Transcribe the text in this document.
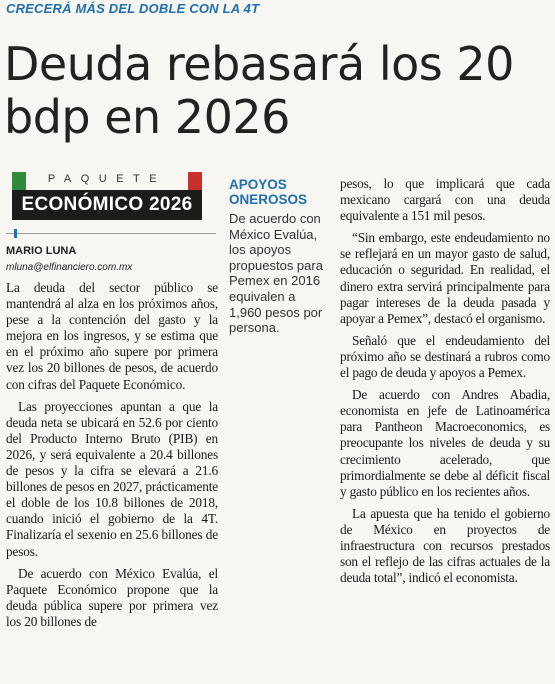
CRECERÁ MÁS DEL DOBLE CON LA 4T
Deuda rebasará los 20 bdp en 2026
PAQUETE
ECONÓMICO 2026
MARIO LUNA
mluna@elfinanciero.com.mx

La deuda del sector público se mantendrá al alza en los próximos años, pese a la contención del gasto y la mejora en los ingresos, y se estima que en el próximo año supere por primera vez los 20 billones de pesos, de acuerdo con cifras del Paquete Económico.

Las proyecciones apuntan a que la deuda neta se ubicará en 52.6 por ciento del Producto Interno Bruto (PIB) en 2026, y será equivalente a 20.4 billones de pesos y la cifra se elevará a 21.6 billones de pesos en 2027, prácticamente el doble de los 10.8 billones de 2018, cuando inició el gobierno de la 4T. Finalizaría el sexenio en 25.6 billones de pesos.

De acuerdo con México Evalúa, el Paquete Económico propone que la deuda pública supere por primera vez los 20 billones de

APOYOS ONEROSOS
De acuerdo con México Evalúa, los apoyos propuestos para Pemex en 2016 equivalen a 1,960 pesos por persona.

pesos, lo que implicará que cada mexicano cargará con una deuda equivalente a 151 mil pesos.

“Sin embargo, este endeudamiento no se reflejará en un mayor gasto de salud, educación o seguridad. En realidad, el dinero extra servirá principalmente para pagar intereses de la deuda pasada y apoyar a Pemex”, destacó el organismo.

Señaló que el endeudamiento del próximo año se destinará a rubros como el pago de deuda y apoyos a Pemex.

De acuerdo con Andres Abadia, economista en jefe de Latinoamérica para Pantheon Macroeconomics, es preocupante los niveles de deuda y su crecimiento acelerado, que primordialmente se debe al déficit fiscal y gasto público en los recientes años.

La apuesta que ha tenido el gobierno de México en proyectos de infraestructura con recursos prestados son el reflejo de las cifras actuales de la deuda total”, indicó el economista.
